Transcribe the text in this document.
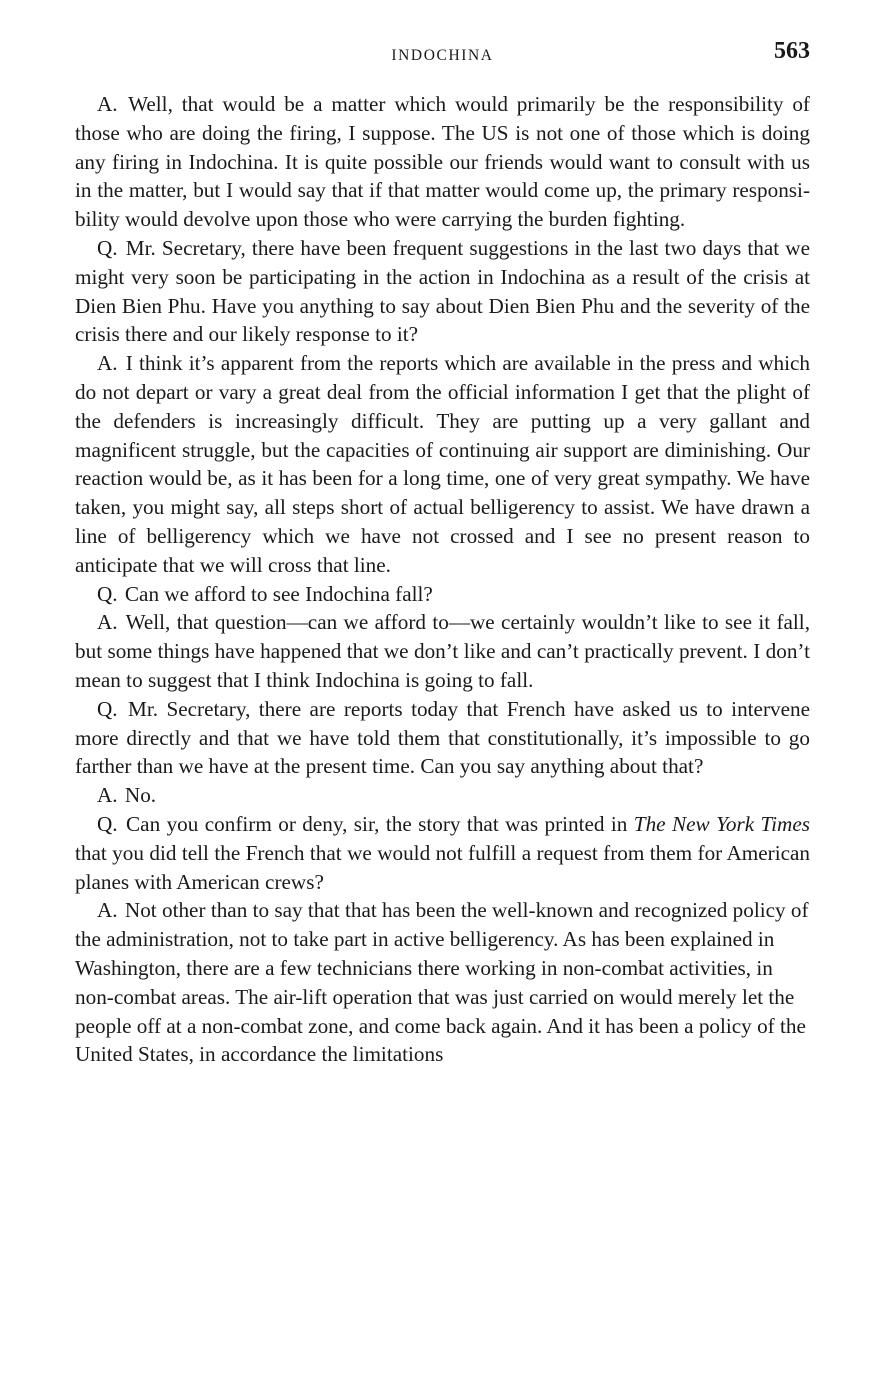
INDOCHINA	563

A. Well, that would be a matter which would primarily be the responsibility of those who are doing the firing, I suppose. The US is not one of those which is doing any firing in Indochina. It is quite possible our friends would want to consult with us in the matter, but I would say that if that matter would come up, the primary responsibility would devolve upon those who were carrying the burden fighting.

Q. Mr. Secretary, there have been frequent suggestions in the last two days that we might very soon be participating in the action in Indochina as a result of the crisis at Dien Bien Phu. Have you anything to say about Dien Bien Phu and the severity of the crisis there and our likely response to it?

A. I think it’s apparent from the reports which are available in the press and which do not depart or vary a great deal from the official information I get that the plight of the defenders is increasingly difficult. They are putting up a very gallant and magnificent struggle, but the capacities of continuing air support are diminishing. Our reaction would be, as it has been for a long time, one of very great sympathy. We have taken, you might say, all steps short of actual belligerency to assist. We have drawn a line of belligerency which we have not crossed and I see no present reason to anticipate that we will cross that line.

Q. Can we afford to see Indochina fall?

A. Well, that question—can we afford to—we certainly wouldn’t like to see it fall, but some things have happened that we don’t like and can’t practically prevent. I don’t mean to suggest that I think Indochina is going to fall.

Q. Mr. Secretary, there are reports today that French have asked us to intervene more directly and that we have told them that constitutionally, it’s impossible to go farther than we have at the present time. Can you say anything about that?

A. No.

Q. Can you confirm or deny, sir, the story that was printed in The New York Times that you did tell the French that we would not fulfill a request from them for American planes with American crews?

A. Not other than to say that that has been the well-known and recognized policy of the administration, not to take part in active belligerency. As has been explained in Washington, there are a few technicians there working in non-combat activities, in non-combat areas. The air-lift operation that was just carried on would merely let the people off at a non-combat zone, and come back again. And it has been a policy of the United States, in accordance the limitations
